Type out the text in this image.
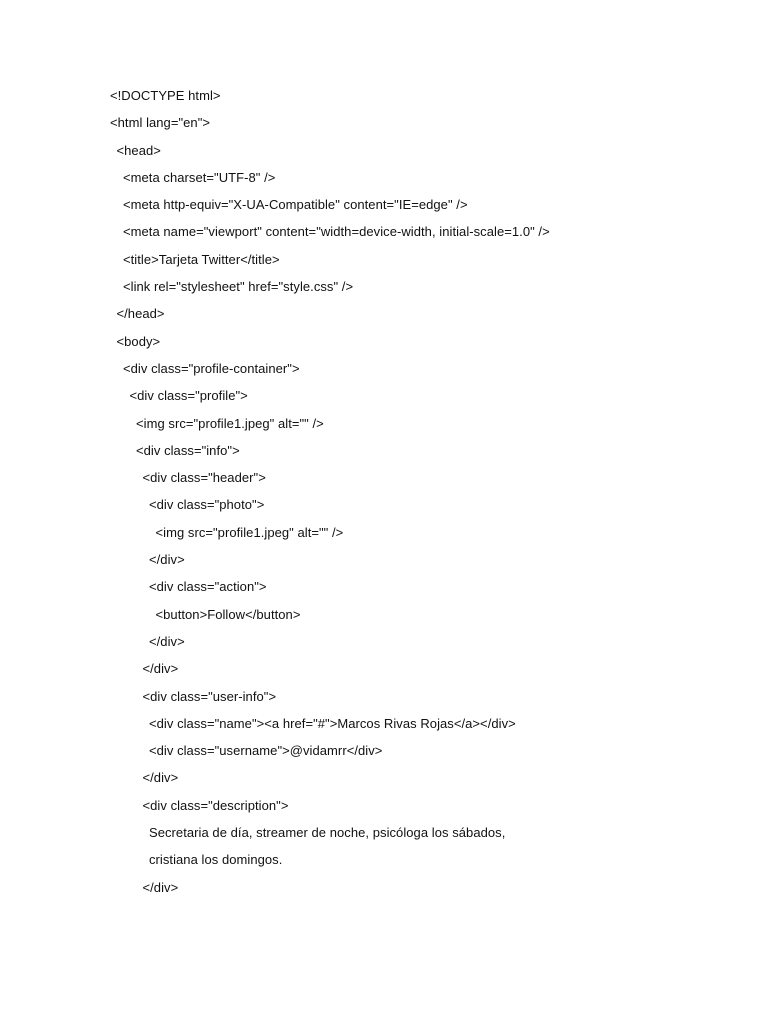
<!DOCTYPE html>
<html lang="en">
<head>
<meta charset="UTF-8" />
<meta http-equiv="X-UA-Compatible" content="IE=edge" />
<meta name="viewport" content="width=device-width, initial-scale=1.0" />
<title>Tarjeta Twitter</title>
<link rel="stylesheet" href="style.css" />
</head>
<body>
<div class="profile-container">
<div class="profile">
<img src="profile1.jpeg" alt="" />
<div class="info">
<div class="header">
<div class="photo">
<img src="profile1.jpeg" alt="" />
</div>
<div class="action">
<button>Follow</button>
</div>
</div>
<div class="user-info">
<div class="name"><a href="#">Marcos Rivas Rojas</a></div>
<div class="username">@vidamrr</div>
</div>
<div class="description">
Secretaria de día, streamer de noche, psicóloga los sábados,
cristiana los domingos.
</div>
